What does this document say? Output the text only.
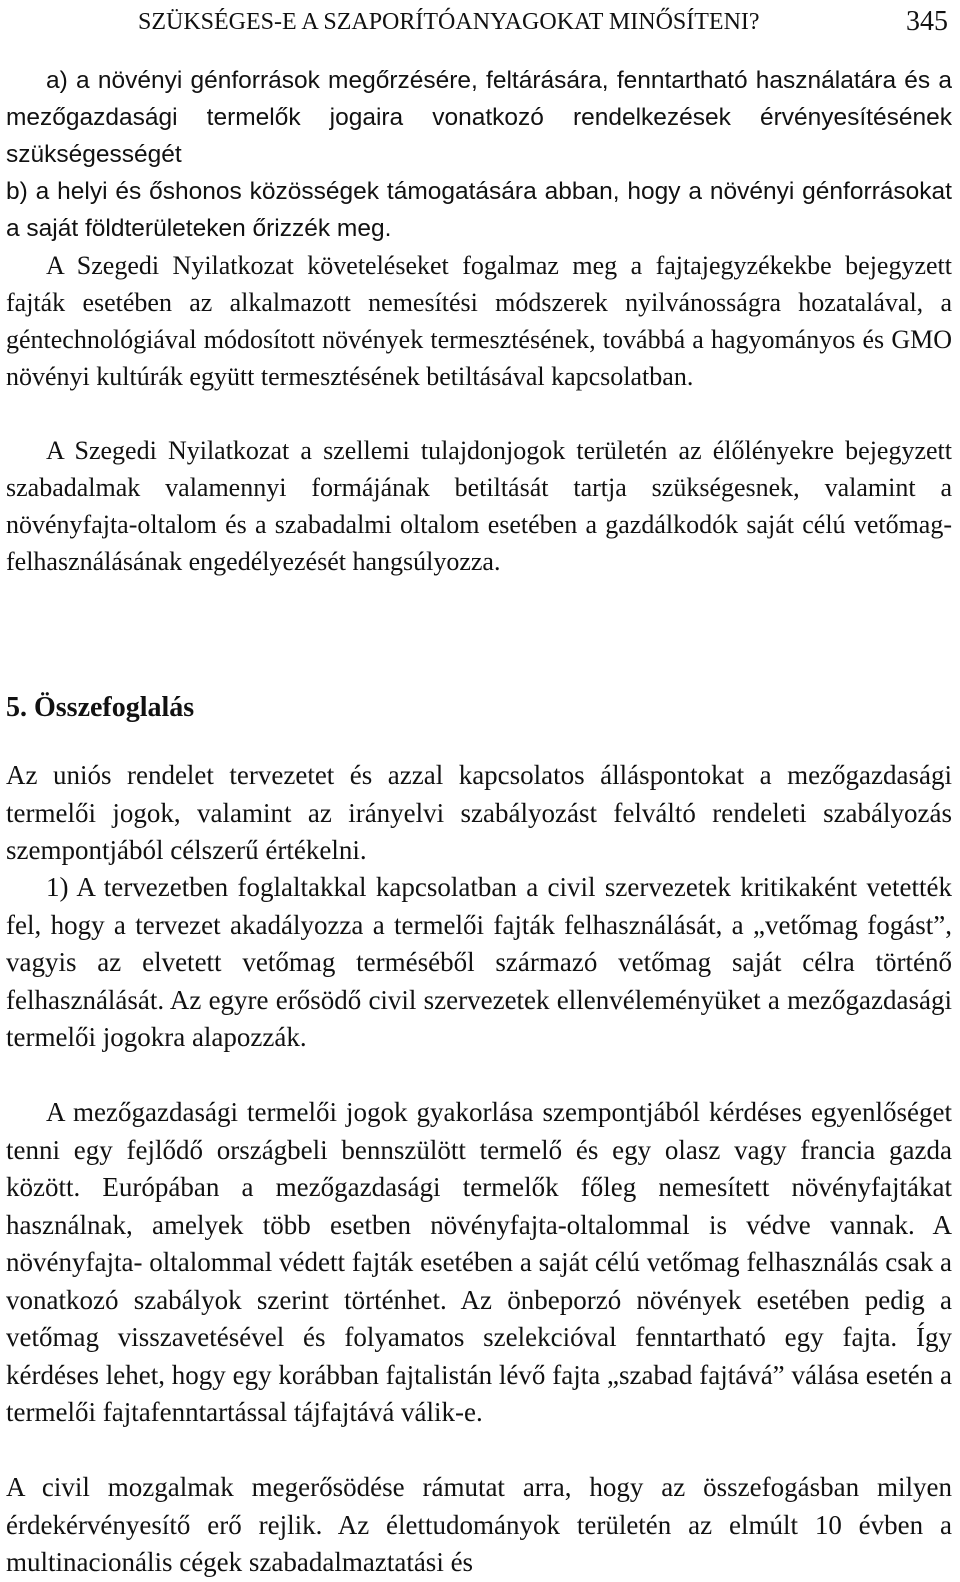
SZÜKSÉGES-E A SZAPORÍTÓANYAGOKAT MINŐSÍTENI?	345

a) a növényi génforrások megőrzésére, feltárására, fenntartható használatára és a mezőgazdasági termelők jogaira vonatkozó rendelkezések érvényesítésének szükségességét

b) a helyi és őshonos közösségek támogatására abban, hogy a növényi génforrásokat a saját földterületeken őrizzék meg.

A Szegedi Nyilatkozat követeléseket fogalmaz meg a fajtajegyzékekbe bejegyzett fajták esetében az alkalmazott nemesítési módszerek nyilvánosságra hozatalával, a géntechnológiával módosított növények termesztésének, továbbá a hagyományos és GMO növényi kultúrák együtt termesztésének betiltásával kapcsolatban.

A Szegedi Nyilatkozat a szellemi tulajdonjogok területén az élőlényekre bejegyzett szabadalmak valamennyi formájának betiltását tartja szükségesnek, valamint a növényfajta-oltalom és a szabadalmi oltalom esetében a gazdálkodók saját célú vetőmag-felhasználásának engedélyezését hangsúlyozza.

5. Összefoglalás

Az uniós rendelet tervezetet és azzal kapcsolatos álláspontokat a mezőgazdasági termelői jogok, valamint az irányelvi szabályozást felváltó rendeleti szabályozás szempontjából célszerű értékelni.

1) A tervezetben foglaltakkal kapcsolatban a civil szervezetek kritikaként vetették fel, hogy a tervezet akadályozza a termelői fajták felhasználását, a „vetőmag fogást”, vagyis az elvetett vetőmag terméséből származó vetőmag saját célra történő felhasználását. Az egyre erősödő civil szervezetek ellenvéleményüket a mezőgazdasági termelői jogokra alapozzák.

A mezőgazdasági termelői jogok gyakorlása szempontjából kérdéses egyenlőséget tenni egy fejlődő országbeli bennszülött termelő és egy olasz vagy francia gazda között. Európában a mezőgazdasági termelők főleg nemesített növényfajtákat használnak, amelyek több esetben növényfajta-oltalommal is védve vannak. A növényfajta- oltalommal védett fajták esetében a saját célú vetőmag felhasználás csak a vonatkozó szabályok szerint történhet. Az önbeporzó növények esetében pedig a vetőmag visszavetésével és folyamatos szelekcióval fenntartható egy fajta. Így kérdéses lehet, hogy egy korábban fajtalistán lévő fajta „szabad fajtává” válása esetén a termelői fajtafenntartással tájfajtává válik-e.

A civil mozgalmak megerősödése rámutat arra, hogy az összefogásban milyen érdekérvényesítő erő rejlik. Az élettudományok területén az elmúlt 10 évben a multinacionális cégek szabadalmaztatási és
